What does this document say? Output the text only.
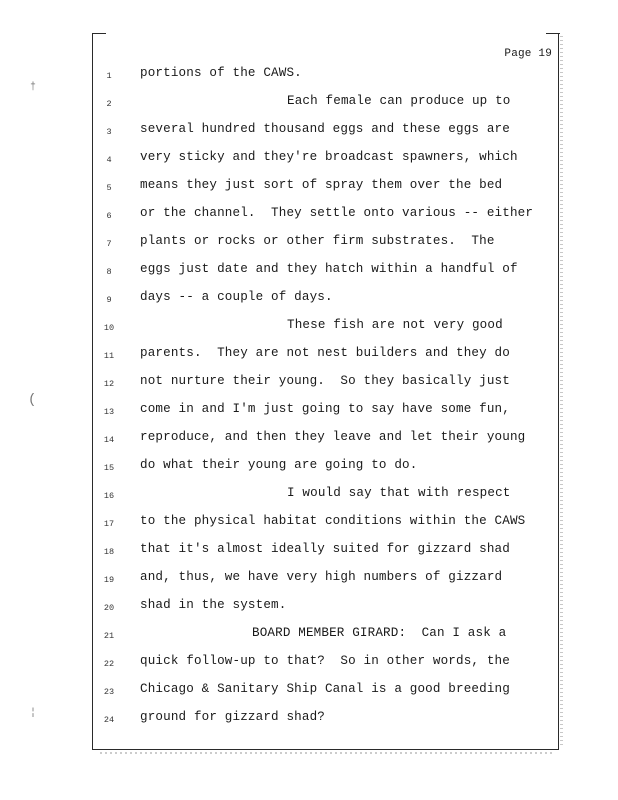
Page 19
†
(
¦
1	portions of the CAWS.
2	Each female can produce up to
3	several hundred thousand eggs and these eggs are
4	very sticky and they're broadcast spawners, which
5	means they just sort of spray them over the bed
6	or the channel.  They settle onto various -- either
7	plants or rocks or other firm substrates.  The
8	eggs just date and they hatch within a handful of
9	days -- a couple of days.
10	These fish are not very good
11	parents.  They are not nest builders and they do
12	not nurture their young.  So they basically just
13	come in and I'm just going to say have some fun,
14	reproduce, and then they leave and let their young
15	do what their young are going to do.
16	I would say that with respect
17	to the physical habitat conditions within the CAWS
18	that it's almost ideally suited for gizzard shad
19	and, thus, we have very high numbers of gizzard
20	shad in the system.
21	BOARD MEMBER GIRARD:  Can I ask a
22	quick follow-up to that?  So in other words, the
23	Chicago & Sanitary Ship Canal is a good breeding
24	ground for gizzard shad?
